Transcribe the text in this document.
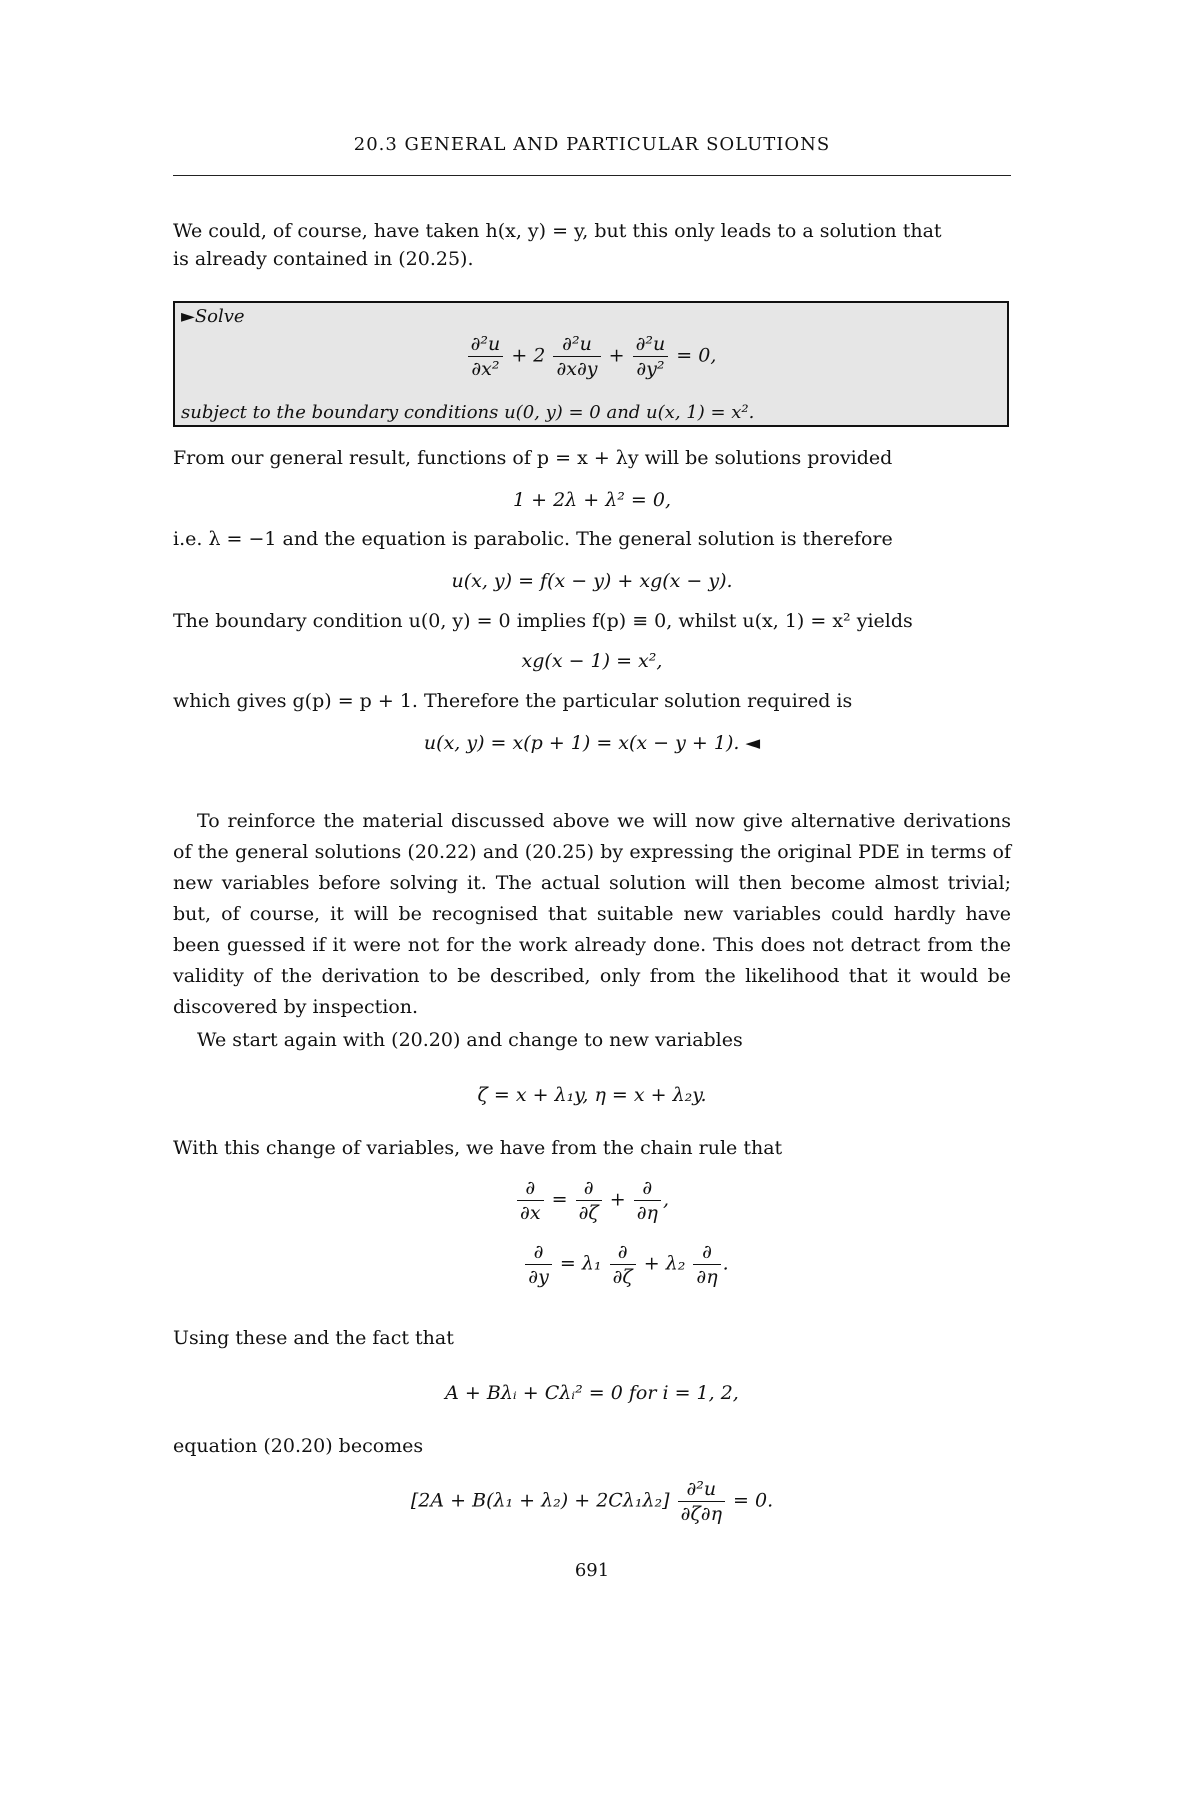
20.3 GENERAL AND PARTICULAR SOLUTIONS
We could, of course, have taken h(x, y) = y, but this only leads to a solution that
is already contained in (20.25).
►Solve
$\frac{\text{∂²u}}{\text{∂x²}} + 2 \frac{\text{∂²u}}{\partial x\partial y} + \frac{\text{∂²u}}{\text{∂y²}} = 0$,
subject to the boundary conditions u(0, y) = 0 and u(x, 1) = x².
From our general result, functions of p = x + λy will be solutions provided
1 + 2λ + λ² = 0,
i.e. λ = −1 and the equation is parabolic. The general solution is therefore
u(x, y) = f(x − y) + xg(x − y).
The boundary condition u(0, y) = 0 implies f(p) ≡ 0, whilst u(x, 1) = x² yields
xg(x − 1) = x²,
which gives g(p) = p + 1. Therefore the particular solution required is
u(x, y) = x(p + 1) = x(x − y + 1). ◄
To reinforce the material discussed above we will now give alternative derivations of the general solutions (20.22) and (20.25) by expressing the original PDE in terms of new variables before solving it. The actual solution will then become almost trivial; but, of course, it will be recognised that suitable new variables could hardly have been guessed if it were not for the work already done. This does not detract from the validity of the derivation to be described, only from the likelihood that it would be discovered by inspection.
We start again with (20.20) and change to new variables
ζ = x + λ₁y, η = x + λ₂y.
With this change of variables, we have from the chain rule that
$\frac{\partial}{\partial x} = \frac{\partial}{\partial\zeta} + \frac{\partial}{\partial\eta}$ ,
$\frac{\partial}{\partial y} = \lambda_1 \frac{\partial}{\partial\zeta} + \lambda_2 \frac{\partial}{\partial\eta}$ .
Using these and the fact that
A + Bλᵢ + Cλᵢ² = 0 for i = 1, 2,
equation (20.20) becomes
$[2A + B(\lambda_1 + \lambda_2) + 2C\lambda_1\lambda_2] \frac{\text{∂²u}}{\partial\zeta\partial\eta} = 0$.
691
